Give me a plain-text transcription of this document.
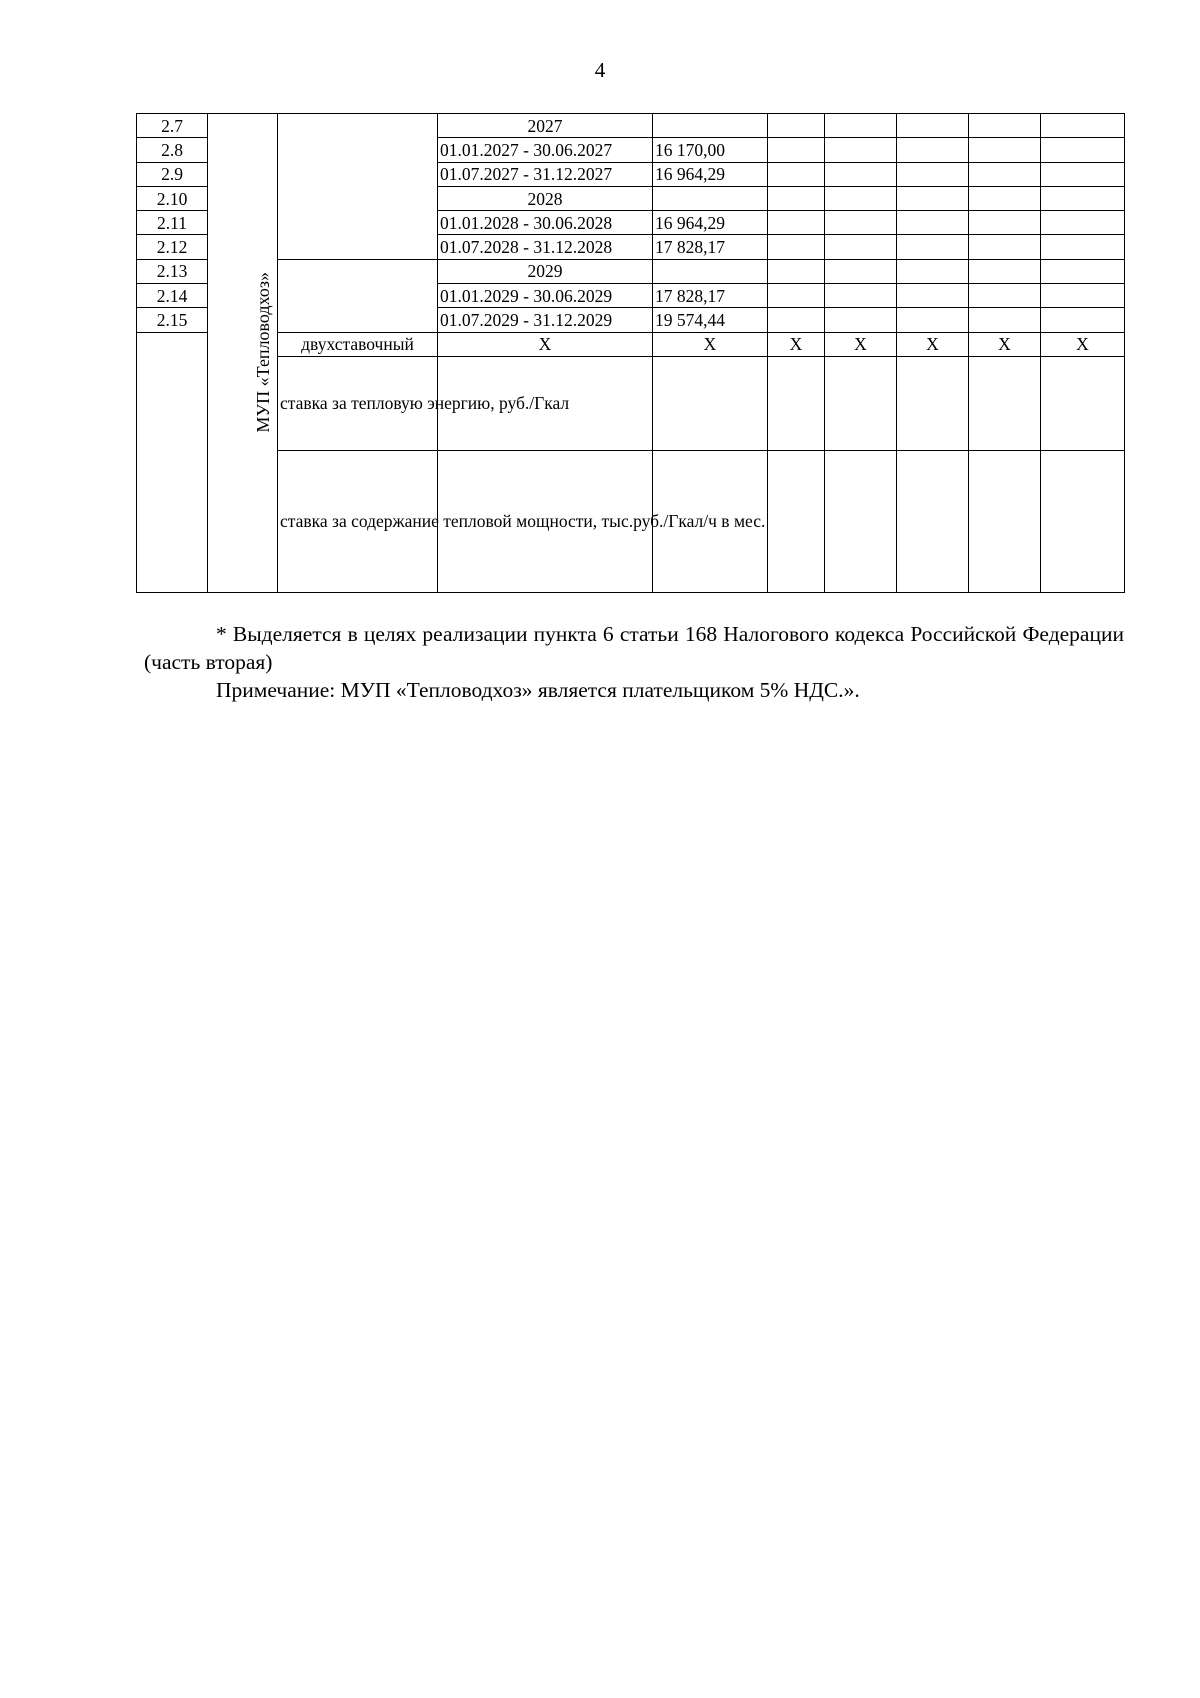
4
2.7	МУП «Тепловодхоз»		2027						
2.8			01.01.2027 - 30.06.2027	16 170,00					
2.9			01.07.2027 - 31.12.2027	16 964,29					
2.10			2028						
2.11			01.01.2028 - 30.06.2028	16 964,29					
2.12			01.07.2028 - 31.12.2028	17 828,17					
2.13			2029						
2.14			01.01.2029 - 30.06.2029	17 828,17					
2.15			01.07.2029 - 31.12.2029	19 574,44					
		двухставочный	X	X	X	X	X	X	X
		ставка за тепловую энергию, руб./Гкал							
		ставка за содержание тепловой мощности, тыс.руб./Гкал/ч в мес.							

* Выделяется в целях реализации пункта 6 статьи 168 Налогового кодекса Российской Федерации (часть вторая)

Примечание: МУП «Тепловодхоз» является плательщиком 5% НДС.».
